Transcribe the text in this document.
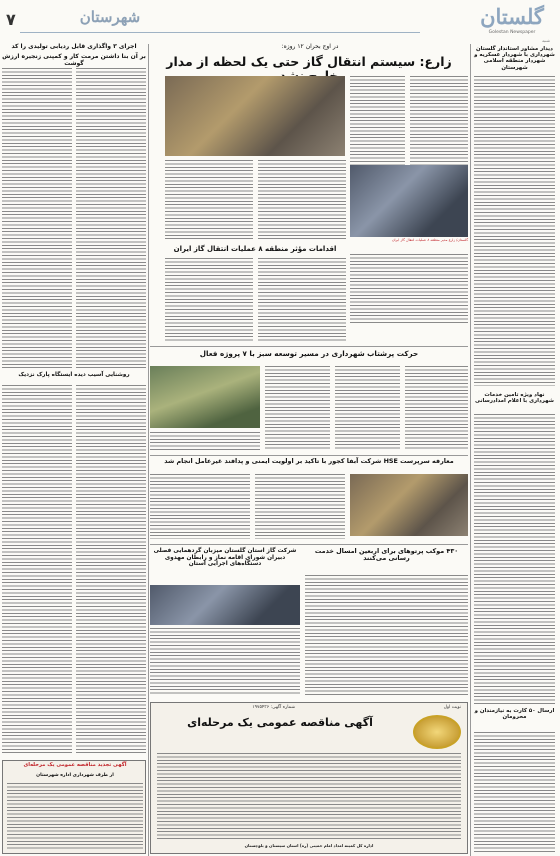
۷	شهرستان	گلستان
Golestan Newspaper
شنبه
دیدار مشاور استاندار گلستان شهرداری با شهردار عسکریه و شهردار منطقه اسلامی شهرستان
نهاد ویژه تامین خدمات شهرداری با اعلام امدادرسانی
ارسال ۵۰ کارت به نیازمندان و محرومان
در اوج بحران ۱۲ روزه:
زارع: سیستم انتقال گاز حتی یک لحظه از مدار
گلستان/ زارع مدیر منطقه ۸ عملیات انتقال گاز ایران
اقدامات مؤثر منطقه ۸ عملیات انتقال گاز ایران
حرکت پرشتاب شهرداری در مسیر توسعه سبز با ۷ پروژه فعال
معارفه سرپرست HSE شرکت آبفا کجور با تاکید بر اولویت ایمنی و پدافند غیرعامل انجام شد
۴۳۰ موکب پرتوهای برای اربعین امسال خدمت رسانی می‌کنند
شرکت گاز استان گلستان میزبان گردهمایی فصلی دبیران شورای اقامه نماز و رابطان مهدوی دستگاه‌های اجرایی استان
شماره آگهی: ۱۹۷۵۴۳۶	نوبت اول
آگهی مناقصه عمومی یک مرحله‌ای
اداره کل کمیته امداد امام خمینی (ره) استان سیستان و بلوچستان
اجرای ۳ واگذاری قابل ردیابی تولیدی را کد
بر آن بنا داشتن مرمت کار و کمپنی زنجیره ارزش گوشت
روشنایی آسیب دیده ایستگاه پارک نزدیک
آگهی تجدید مناقصه عمومی یک مرحله‌ای
از طرف شهرداری اداره شهرستان
